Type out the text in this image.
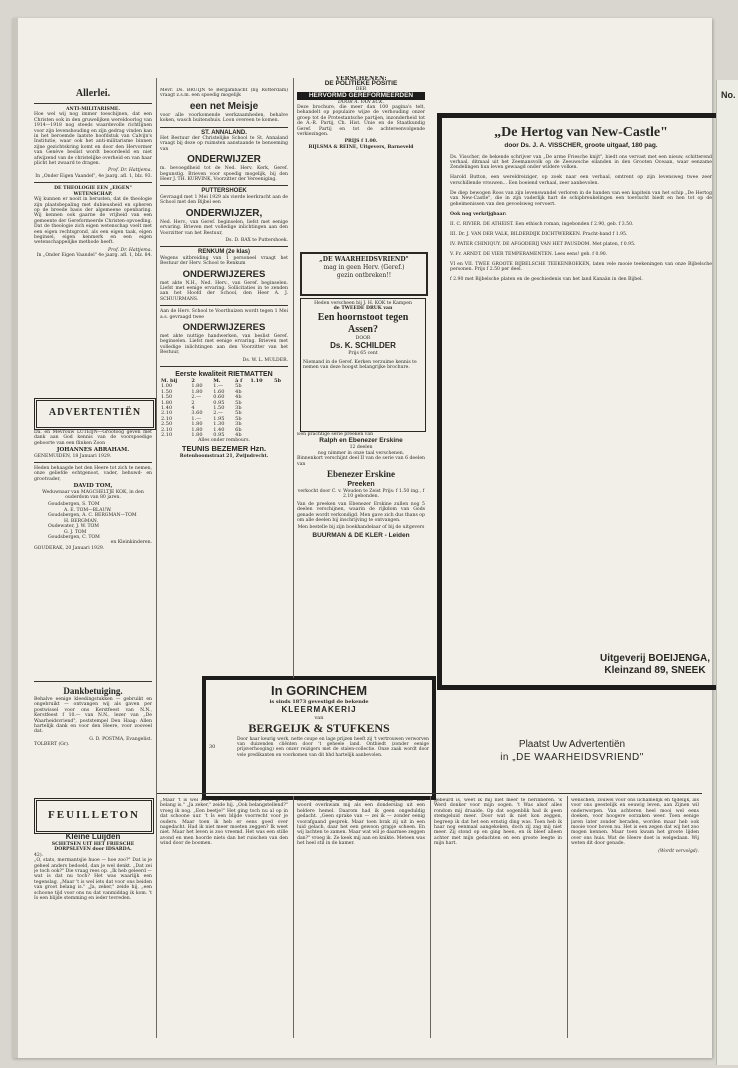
Allerlei.
ANTI-MILITARISME.

Hoe wel wij nog immer toeschijnen, dat een Christen ook in den gruwelijken wereldoorlog van 1914—1918 nog steeds waardevolle richtlijnen voor zijn levenshouding en zijn gedrag vinden kan in het beroemde laatste hoofdstuk van Calvijn's Institutie, waar ook het anti-militarisme binnen zijne gezichtskring komt en door den Hervormer van Genève beslist wordt beoordeeld en niet afwijzend van de christelijke overheid en van haar plicht het zwaard te dragen.

Prof. Dr. Hattjema.
In „Onder Eigen Vaandel", 4e jaarg. afl. 1, blz. 93.
DE THEOLOGIE EEN „EIGEN" WETENSCHAP.

Wij kunnen er nooit in berusten, dat de theologie zijn plaatsbepaling met dubieusheid en spheren op de breede basis der algemeene openbaring. Wij kennen ook gaarne de vrijheid van een gemeente der Gereformeerde Christen-opvoeding. Dat de theologie zich eigen wetenschap voelt met een eigen rechtsgrond, als een eigen taak, eigen beginsel, eigen kenmerk en een eigen wetenschappelijke methode heeft.

Prof. Dr. Hattjema.
In „Onder Eigen Vaandel" 4e jaarg. afl. 1, blz. 84.
ADVERTENTIËN

Da. en Mevrouw LUTEIJN—Grootoog geven met dank aan God kennis van de voorspoedige geboorte van een flinken Zoon

JOHANNES ABRAHAM.
GENEMUIDEN, 18 Januari 1929.

Heden behaagde het den Heere tot zich te nemen, onze geliefde echtgenoot, vader, behuwd- en grootvader,

DAVID TOM,

Weduwnaar van MAGCHELTJE KOK, in den ouderdom van 80 jaren.

Goudsbergen, S. TOM
A. E. TOM—BLAUW.
Goudsbergen, A. C. BERGMAN—TOM
H. BERGMAN.
Oudewater, J. W. TOM
G. J. TOM
Goudsbergen, C. TOM
en Kleinkinderen.
GOUDERAK, 20 Januari 1929.
Dankbetuiging.

Behalve eenige kleedingstukken — gebruikt en ongebruikt — ontvangen wij als gaven per postwissel voor ons Kerstfeest van N.N., Kerstfeest f 10.— van N.N., lezer van „De Waarheidsvriend", poststempel Den Haag: Allen hartelijk dank en voor den Heere, voor zooveel dat.

G. D. POSTMA, Evangelist.
TOLBERT (Gr).
FEUILLETON
Kleine Luijden
SCHETSEN UIT HET FRIESCHE DORPSLEVEN door IDSARDA.
42).

„O, stats, mermantsjie huoe — hoe zoo?" Dat is je geheel anders bedoeld, dan je wel denkt. „Dat zei je toch ook?" Die vraag rees op. „Ik heb geleerd — wat is dat nu toch? Het was waarlijk een tegenslag. „Maar 't is wel iets dat voor ons beiden van groot belang is." „Ja, zeker," zeide hij, „een schoone tijd voor ons nu dat vanmiddag ik kom. 't Is een blijde stemming en ieder tevreden.

Mevr. Ds. BRUIJN te Bergambacht (bij Rotterdam) vraagt z.s.m. een spoedig mogelijk

een net Meisje

voor alle voorkomende werkzaamheden, behalve koken, wasch buitenshuis. Loon overeen te komen.

ST. ANNALAND.

Het Bestuur der Christelijke School te St. Annaland vraagt bij deze op ruimsten aanstaande te benoeming van

ONDERWIJZER

m. bevoegdheid tot de Ned. Herv. Kerk, Geref. begunstig. Brieven voor spoedig mogelijk, bij den Heer J. TH. KURVINK, Voorzitter der Vereeniging.

PUTTERSHOEK

Gevraagd met 1 Mei 1929 als vierde leerkracht aan de School met den Bijbel een

ONDERWIJZER,

Ned. Herv., van Geref. beginselen, liefst met eenige ervaring. Brieven met volledige inlichtingen aan den Voorzitter van het Bestuur,

Ds. D. BAX te Puttershoek.
RENKUM (2e klas)

Wegens uitbreiding van 1 personeel vraagt het Bestuur der Herv. School te Renkum

ONDERWIJZERES

met akte N.H., Ned. Herv., van Geref. beginselen. Liefst met eenige ervaring. Sollicitaties in te zenden aan het Hoofd der School, den Heer A. J. SCHUURMANS.

Aan de Herv. School te Voorthuizen wordt tegen 1 Mei a.s. gevraagd twee

ONDERWIJZERES

met akte nuttige handwerken, van beslist Geref. beginselen. Liefst met eenige ervaring. Brieven met volledige inlichtingen aan den Voorzitter van het Bestuur,

Ds. W. L. MULDER.
Eerste kwaliteit RIETMATTEN
M. bij	2	M.	à f	1.10	5b
1.00	1.80	1.—	5b		
1.50	1.80	1.60	4b		
1.50	2.—	0.60	4b		
1.80	2	0.95	5b		
1.40	4	1.50	3b		
2.10	3.60	2.—	5b		
2.10	1.—	1.95	5b		
2.50	1.80	1.30	3b		
2.10	1.80	1.40	6b		
2.10	1.80	0.95	4b		
Alles onder rembours.
TEUNIS BEZEMER Hzn.
Rotenhoomstraat 21, Zwijndrecht.
VERSCHENEN:
DE POLITIEKE POSITIE
DER
HERVORMD GEREFORMEERDEN
DOOR A. VAN ECK.

Deze brochure, die meer dan 100 pagina's telt, behandelt op populaire wijze de verhouding onzer groep tot de Protestantsche partijen, inzonderheid tot de A.-R. Partij, Ch. Hist. Unie en de Staatkundig Geref. Partij en tot de achtereenvolgende verkiezingen.

PRIJS f 1.00.
BIJLSMA & REINE, Uitgevers, Barneveld
„DE WAARHEIDSVRIEND"
mag in geen Herv. (Geref.)
gezin ontbreken!!
Heden verscheen bij J. H. KOK te Kampen
de TWEEDE DRUK van
Een hoornstoot tegen Assen?
DOOR
Ds. K. SCHILDER
Prijs 65 cent

Niemand in de Geref. Kerken verzuime kennis te nemen van deze hoogst belangrijke brochure.

Een prachtige serie preeken van
Ralph en Ebenezer Erskine
12 deelen
nog nimmer in onze taal verschenen.

Binnenkort verschijnt deel II van de serie van 6 deelen van

Ebenezer Erskine
Preeken

verkocht door C. v. Wouden te Zeist Prijs: f 1.50 ing., f 2.10 gebonden.

Van de preeken van Ebenezer Erskine zullen nog 5 deelen verschijnen, waarin de rijkdom van Gods genade wordt verkondigd. Men gave zich dus thans op om alle deelen bij inschrijving te ontvangen.

Men bestelle bij zijn boekhandelaar of bij de uitgevers
BUURMAN & DE KLER - Leiden
In GORINCHEM
is sinds 1873 gevestigd de bekende
KLEERMAKERIJ
van
BERGEIJK & STUFKENS
30

Door haar keurig werk, nette coupe en lage prijzen heeft zij 't vertrouwen verworven van duizenden cliënten door 't geheele land. Ontbiedt (zonder eenige prijsverhooging) een onzer reizigers met de stalen-collectie. Onze zaak wordt door vele predikanten en voorkomen van dit hhd hartelijk aanbevolen.

„De Hertog van New-Castle"
door Ds. J. A. VISSCHER, groote uitgaaf, 180 pag.

Ds. Visscher, de bekende schrijver van „De arme Friesche knijt", biedt ons vervast met een nieuw, schitterend verhaal, ditmaal uit het Zeemansvolk op de Zeeuwsche eilanden in den Grooten Oceaan, waar eenzame Zendelingen hun leven gewaagd onder wildere volken.

Harold Button, een wereldreiziger, op zoek naar een verhaal, omtrent op zijn levensweg twee zeer verschillende vrouwen... Een boeiend verhaal, zeer aanbevolen.

De diep bewogen Roos van zijn levenswandel verloren in de handen van een kapitein van het schip „De Hertog van New-Castle", die in zijn vaderlijk hart de schipbreukelingen een toevlucht biedt en hen tot op de geheimenissen van den gevoelsweg vervoert.

Ook nog verkrijgbaar:

II. C. RIVIER. DE ATHEIST. Een ethisch roman, ingebonden f 2.90, geb. f 3.50.

III. Dr. J. VAN DER VALK, BILDERDIJK DICHTWERKEN. Pracht-band f 1.95.

IV. PATER CHINIQUY. DE AFGODERIJ VAN HET PAUSDOM. Met platen, f 0.95.

V. Fr. ARNDT. DE VIER TEMPERAMENTEN. Lees eens! geb. f 0.90.

VI en VII. TWEE GROOTE BIJBELSCHE TEEKENBOEKEN, laten vele mooie teekeningen van onze Bijbelsche personen. Prijs f 2.50 per deel.

f 2.90 met Bijbelsche platen en de geschiedenis van het land Kanaän in den Bijbel.

Uitgeverij BOEIJENGA,
Kleinzand 89, SNEEK
Plaatst Uw Advertentiën
in „DE WAARHEIDSVRIEND"

„Maar 't is wel iets dat voor ons beiden van groot belang is." „Ja zeker," zeide hij. „Ook belangstellend?" vroeg ik nog. „Een beetje!" Het ging toch nu al op in dat schoone uur. 't Is een blijde voorrecht voor je ouders. Maar toen ik heb er eens goed over nagedacht. Had ik niet meer moeten zeggen? Ik weet niet. Maar het leven is zoo vreemd. Het was een stille avond en men hoorde niets dan het ruischen van den wind door de boomen.

Met verbazing heb ik haar toen aangekeken. Dat woord overkwam mij als een donderslag uit een heldere hemel. Daarom had ik geen ongeduldig gedacht. „Geen sprake van — zei ik — zonder eenig voorafgaand gesprek. Maar toen brak zij uit in een luid gelach, daar het een gewoon grapje scheen. En wij lachten te zamen. Maar wat wil je daarmee zeggen dan?" vroeg ik. Ze keek mij aan en knikte. Meteen was het heel stil in de kamer.

gebeurd is, weet ik mij niet meer te herinneren. 'k Werd donker voor mijn oogen. 't Was alsof alles rondom mij draaide. Op dat oogenblik had ik geen stemgeluid meer. Door wat ik niet kon zeggen, begreep ik dat het een ernstig ding was. Toen heb ik haar nog eenmaal aangekeken, doch zij zag mij niet meer. Zij stond op en ging heen, en ik bleef alleen achter met mijn gedachten en een groote leegte in mijn hart.

wenschen, zouwel voor ons lichamelijk en tijdelijk, als voor ons geestelijk en eeuwig leven, aan Zijnen wil onderworpen. Van achteren heel mooi wel eens doeken, voor hoogere oorzaken weer. Toen eenige jaren later zonder beraden, worden maar heb ook mooie voor boven nu. Het is een zegen dat wij het zoo mogen kennen. Maar toen kwam het groote lijden over ons huis. Wat de Heere doet is welgedaan. Wij weten dit door genade.

(Wordt vervolgd).
No.
